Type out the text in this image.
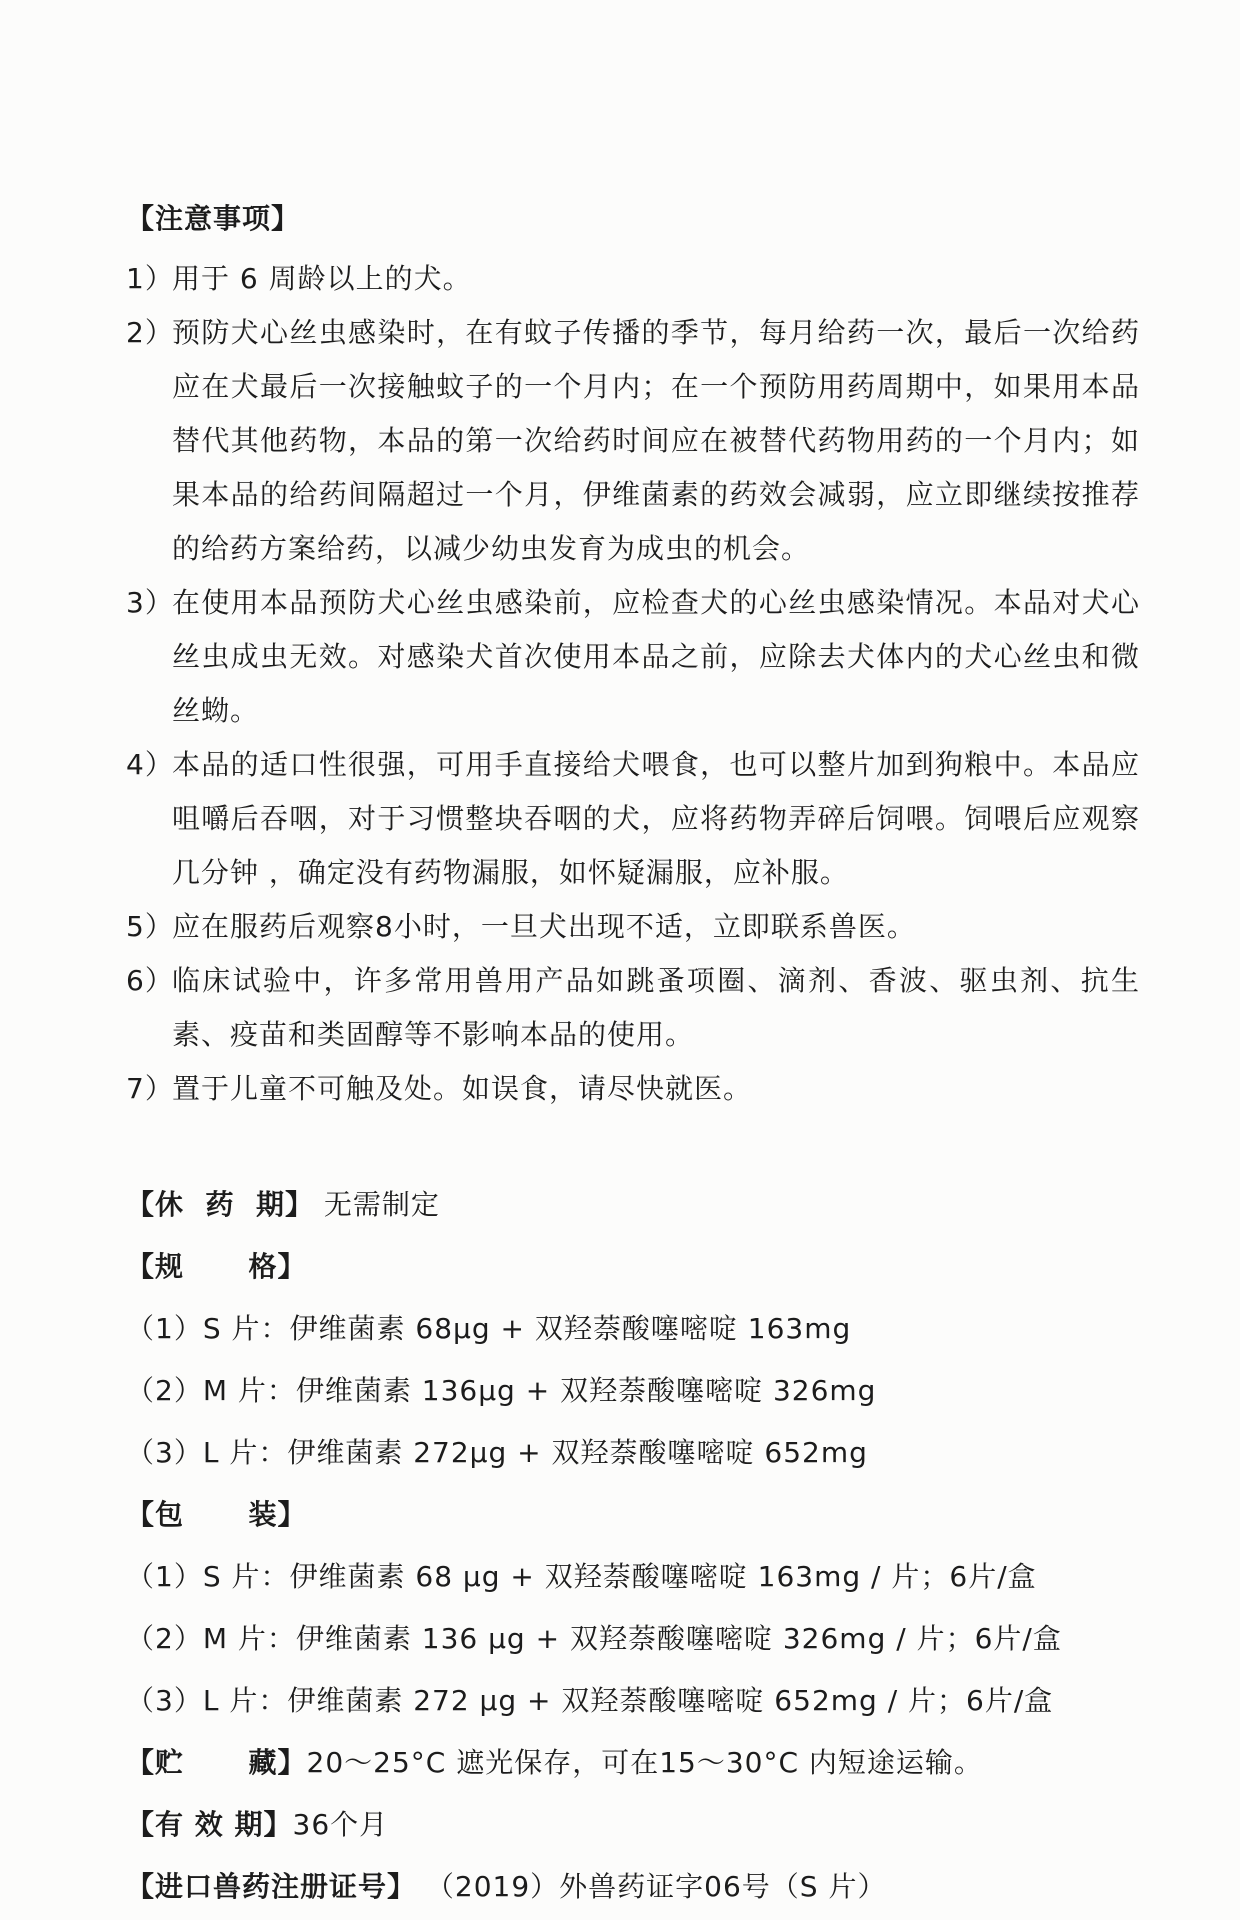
【注意事项】
1）
用于 6 周龄以上的犬。
2）
预防犬心丝虫感染时，在有蚊子传播的季节，每月给药一次，最后一次给药应在犬最后一次接触蚊子的一个月内；在一个预防用药周期中，如果用本品替代其他药物，本品的第一次给药时间应在被替代药物用药的一个月内；如果本品的给药间隔超过一个月，伊维菌素的药效会减弱，应立即继续按推荐的给药方案给药，以减少幼虫发育为成虫的机会。
3）
在使用本品预防犬心丝虫感染前，应检查犬的心丝虫感染情况。本品对犬心丝虫成虫无效。对感染犬首次使用本品之前，应除去犬体内的犬心丝虫和微丝蚴。
4）
本品的适口性很强，可用手直接给犬喂食，也可以整片加到狗粮中。本品应咀嚼后吞咽，对于习惯整块吞咽的犬，应将药物弄碎后饲喂。饲喂后应观察几分钟 ，确定没有药物漏服，如怀疑漏服，应补服。
5）
应在服药后观察8小时，一旦犬出现不适，立即联系兽医。
6）
临床试验中，许多常用兽用产品如跳蚤项圈、滴剂、香波、驱虫剂、抗生素、疫苗和类固醇等不影响本品的使用。
7）
置于儿童不可触及处。如误食，请尽快就医。
【休  药  期】 无需制定
【规      格】
（1）S 片：伊维菌素 68μg + 双羟萘酸噻嘧啶 163mg
（2）M 片：伊维菌素 136μg + 双羟萘酸噻嘧啶 326mg
（3）L 片：伊维菌素 272μg + 双羟萘酸噻嘧啶 652mg
【包      装】
（1）S 片：伊维菌素 68 μg + 双羟萘酸噻嘧啶 163mg / 片；6片/盒
（2）M 片：伊维菌素 136 μg + 双羟萘酸噻嘧啶 326mg / 片；6片/盒
（3）L 片：伊维菌素 272 μg + 双羟萘酸噻嘧啶 652mg / 片；6片/盒
【贮      藏】20～25°C 遮光保存，可在15～30°C 内短途运输。
【有 效 期】36个月
【进口兽药注册证号】 （2019）外兽药证字06号（S 片）
